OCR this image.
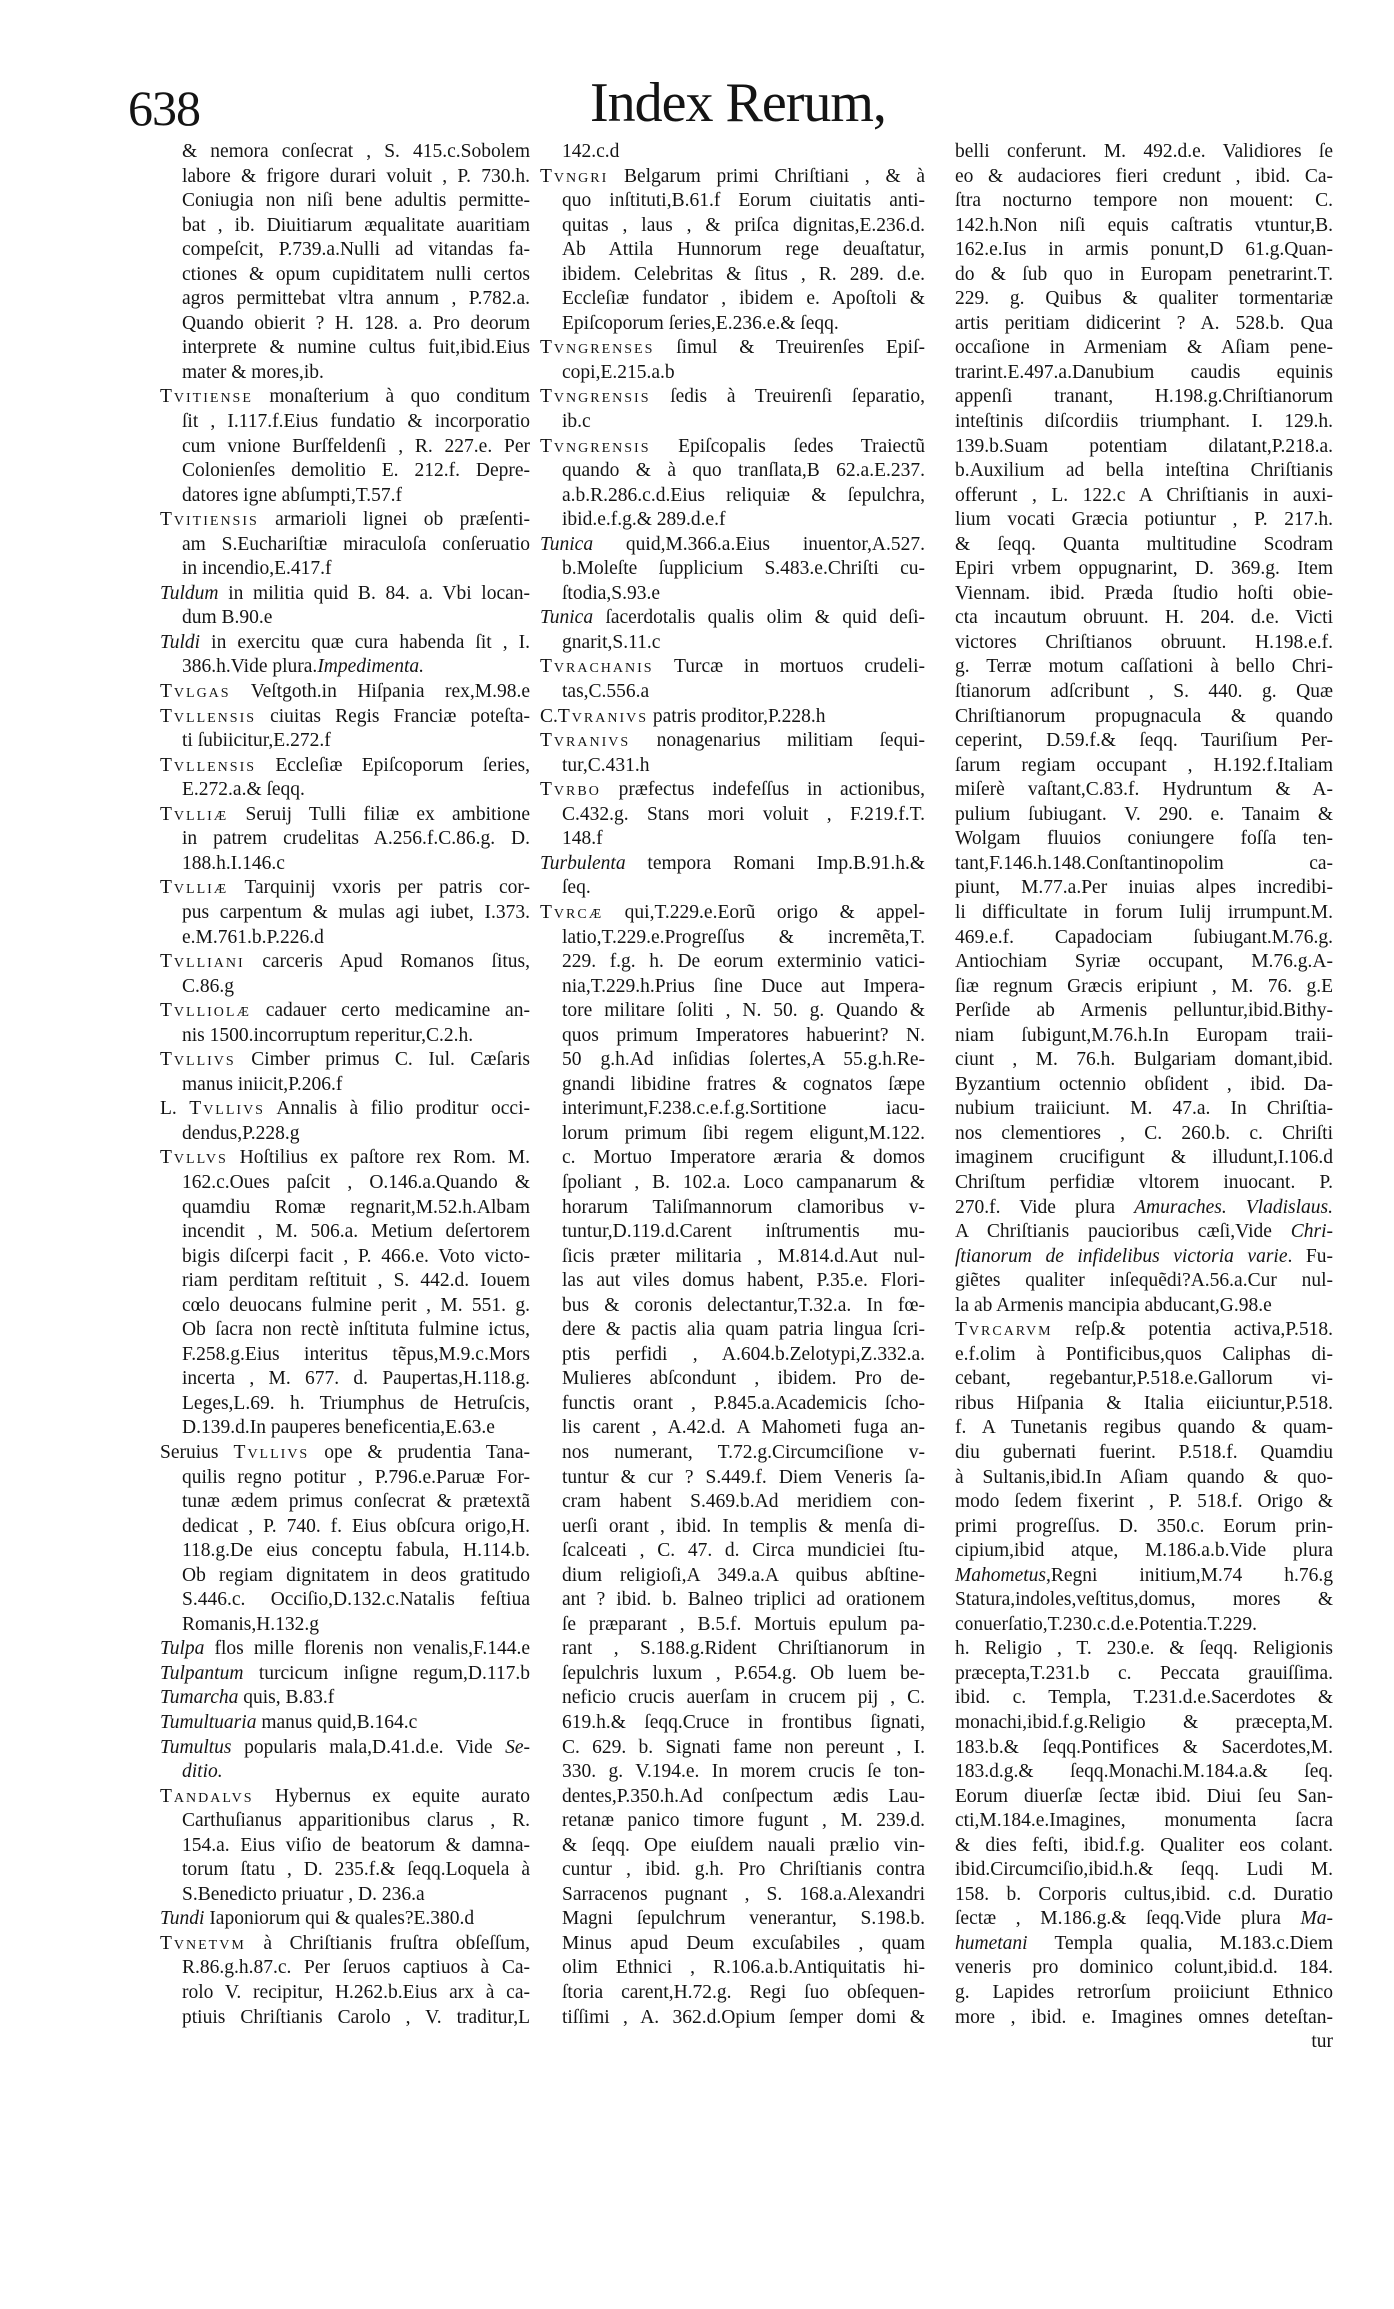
638	Index Rerum,
& nemora conſecrat , S. 415.c.Sobolem
labore & frigore durari voluit , P. 730.h.
Coniugia non niſi bene adultis permitte-
bat , ib. Diuitiarum æqualitate auaritiam
compeſcit, P.739.a.Nulli ad vitandas fa-
ctiones & opum cupiditatem nulli certos
agros permittebat vltra annum , P.782.a.
Quando obierit ? H. 128. a. Pro deorum
interprete & numine cultus fuit,ibid.Eius
mater & mores,ib.
Tvitiense monaſterium à quo conditum
ſit , I.117.f.Eius fundatio & incorporatio
cum vnione Burſfeldenſi , R. 227.e. Per
Colonienſes demolitio E. 212.f. Depre-
datores igne abſumpti,T.57.f
Tvitiensis armarioli lignei ob præſenti-
am S.Euchariſtiæ miraculoſa conſeruatio
in incendio,E.417.f
Tuldum in militia quid B. 84. a. Vbi locan-
dum B.90.e
Tuldi in exercitu quæ cura habenda ſit , I.
386.h.Vide plura.Impedimenta.
Tvlgas Veſtgoth.in Hiſpania rex,M.98.e
Tvllensis ciuitas Regis Franciæ poteſta-
ti ſubiicitur,E.272.f
Tvllensis Eccleſiæ Epiſcoporum ſeries,
E.272.a.& ſeqq.
Tvlliæ Seruij Tulli filiæ ex ambitione
in patrem crudelitas A.256.f.C.86.g. D.
188.h.I.146.c
Tvlliæ Tarquinij vxoris per patris cor-
pus carpentum & mulas agi iubet, I.373.
e.M.761.b.P.226.d
Tvlliani carceris Apud Romanos ſitus,
C.86.g
Tvlliolæ cadauer certo medicamine an-
nis 1500.incorruptum reperitur,C.2.h.
Tvllivs Cimber primus C. Iul. Cæſaris
manus iniicit,P.206.f
L. Tvllivs Annalis à filio proditur occi-
dendus,P.228.g
Tvllvs Hoſtilius ex paſtore rex Rom. M.
162.c.Oues paſcit , O.146.a.Quando &
quamdiu Romæ regnarit,M.52.h.Albam
incendit , M. 506.a. Metium deſertorem
bigis diſcerpi facit , P. 466.e. Voto victo-
riam perditam reſtituit , S. 442.d. Iouem
cœlo deuocans fulmine perit , M. 551. g.
Ob ſacra non rectè inſtituta fulmine ictus,
F.258.g.Eius interitus tẽpus,M.9.c.Mors
incerta , M. 677. d. Paupertas,H.118.g.
Leges,L.69. h. Triumphus de Hetruſcis,
D.139.d.In pauperes beneficentia,E.63.e
Seruius Tvllivs ope & prudentia Tana-
quilis regno potitur , P.796.e.Paruæ For-
tunæ ædem primus conſecrat & prætextã
dedicat , P. 740. f. Eius obſcura origo,H.
118.g.De eius conceptu fabula, H.114.b.
Ob regiam dignitatem in deos gratitudo
S.446.c. Occiſio,D.132.c.Natalis feſtiua
Romanis,H.132.g
Tulpa flos mille florenis non venalis,F.144.e
Tulpantum turcicum inſigne regum,D.117.b
Tumarcha quis, B.83.f
Tumultuaria manus quid,B.164.c
Tumultus popularis mala,D.41.d.e. Vide Se-
ditio.
Tandalvs Hybernus ex equite aurato
Carthuſianus apparitionibus clarus , R.
154.a. Eius viſio de beatorum & damna-
torum ſtatu , D. 235.f.& ſeqq.Loquela à
S.Benedicto priuatur , D. 236.a
Tundi Iaponiorum qui & quales?E.380.d
Tvnetvm à Chriſtianis fruſtra obſeſſum,
R.86.g.h.87.c. Per ſeruos captiuos à Ca-
rolo V. recipitur, H.262.b.Eius arx à ca-
ptiuis Chriſtianis Carolo , V. traditur,L
142.c.d
Tvngri Belgarum primi Chriſtiani , & à
quo inſtituti,B.61.f Eorum ciuitatis anti-
quitas , laus , & priſca dignitas,E.236.d.
Ab Attila Hunnorum rege deuaſtatur,
ibidem. Celebritas & ſitus , R. 289. d.e.
Eccleſiæ fundator , ibidem e. Apoſtoli &
Epiſcoporum ſeries,E.236.e.& ſeqq.
Tvngrenses ſimul & Treuirenſes Epiſ-
copi,E.215.a.b
Tvngrensis ſedis à Treuirenſi ſeparatio,
ib.c
Tvngrensis Epiſcopalis ſedes Traiectũ
quando & à quo tranſlata,B 62.a.E.237.
a.b.R.286.c.d.Eius reliquiæ & ſepulchra,
ibid.e.f.g.& 289.d.e.f
Tunica quid,M.366.a.Eius inuentor,A.527.
b.Moleſte ſupplicium S.483.e.Chriſti cu-
ſtodia,S.93.e
Tunica ſacerdotalis qualis olim & quid deſi-
gnarit,S.11.c
Tvrachanis Turcæ in mortuos crudeli-
tas,C.556.a
C.Tvranivs patris proditor,P.228.h
Tvranivs nonagenarius militiam ſequi-
tur,C.431.h
Tvrbo præfectus indefeſſus in actionibus,
C.432.g. Stans mori voluit , F.219.f.T.
148.f
Turbulenta tempora Romani Imp.B.91.h.&
ſeq.
Tvrcæ qui,T.229.e.Eorũ origo & appel-
latio,T.229.e.Progreſſus & incremẽta,T.
229. f.g. h. De eorum exterminio vatici-
nia,T.229.h.Prius ſine Duce aut Impera-
tore militare ſoliti , N. 50. g. Quando &
quos primum Imperatores habuerint? N.
50 g.h.Ad inſidias ſolertes,A 55.g.h.Re-
gnandi libidine fratres & cognatos ſæpe
interimunt,F.238.c.e.f.g.Sortitione iacu-
lorum primum ſibi regem eligunt,M.122.
c. Mortuo Imperatore æraria & domos
ſpoliant , B. 102.a. Loco campanarum &
horarum Taliſmannorum clamoribus v-
tuntur,D.119.d.Carent inſtrumentis mu-
ſicis præter militaria , M.814.d.Aut nul-
las aut viles domus habent, P.35.e. Flori-
bus & coronis delectantur,T.32.a. In fœ-
dere & pactis alia quam patria lingua ſcri-
ptis perfidi , A.604.b.Zelotypi,Z.332.a.
Mulieres abſcondunt , ibidem. Pro de-
functis orant , P.845.a.Academicis ſcho-
lis carent , A.42.d. A Mahometi fuga an-
nos numerant, T.72.g.Circumciſione v-
tuntur & cur ? S.449.f. Diem Veneris ſa-
cram habent S.469.b.Ad meridiem con-
uerſi orant , ibid. In templis & menſa di-
ſcalceati , C. 47. d. Circa mundiciei ſtu-
dium religioſi,A 349.a.A quibus abſtine-
ant ? ibid. b. Balneo triplici ad orationem
ſe præparant , B.5.f. Mortuis epulum pa-
rant , S.188.g.Rident Chriſtianorum in
ſepulchris luxum , P.654.g. Ob luem be-
neficio crucis auerſam in crucem pij , C.
619.h.& ſeqq.Cruce in frontibus ſignati,
C. 629. b. Signati fame non pereunt , I.
330. g. V.194.e. In morem crucis ſe ton-
dentes,P.350.h.Ad conſpectum ædis Lau-
retanæ panico timore fugunt , M. 239.d.
& ſeqq. Ope eiuſdem nauali prælio vin-
cuntur , ibid. g.h. Pro Chriſtianis contra
Sarracenos pugnant , S. 168.a.Alexandri
Magni ſepulchrum venerantur, S.198.b.
Minus apud Deum excuſabiles , quam
olim Ethnici , R.106.a.b.Antiquitatis hi-
ſtoria carent,H.72.g. Regi ſuo obſequen-
tiſſimi , A. 362.d.Opium ſemper domi &
belli conferunt. M. 492.d.e. Validiores ſe
eo & audaciores fieri credunt , ibid. Ca-
ſtra nocturno tempore non mouent: C.
142.h.Non niſi equis caſtratis vtuntur,B.
162.e.Ius in armis ponunt,D 61.g.Quan-
do & ſub quo in Europam penetrarint.T.
229. g. Quibus & qualiter tormentariæ
artis peritiam didicerint ? A. 528.b. Qua
occaſione in Armeniam & Aſiam pene-
trarint.E.497.a.Danubium caudis equinis
appenſi tranant, H.198.g.Chriſtianorum
inteſtinis diſcordiis triumphant. I. 129.h.
139.b.Suam potentiam dilatant,P.218.a.
b.Auxilium ad bella inteſtina Chriſtianis
offerunt , L. 122.c A Chriſtianis in auxi-
lium vocati Græcia potiuntur , P. 217.h.
& ſeqq. Quanta multitudine Scodram
Epiri vrbem oppugnarint, D. 369.g. Item
Viennam. ibid. Præda ſtudio hoſti obie-
cta incautum obruunt. H. 204. d.e. Victi
victores Chriſtianos obruunt. H.198.e.f.
g. Terræ motum caſſationi à bello Chri-
ſtianorum adſcribunt , S. 440. g. Quæ
Chriſtianorum propugnacula & quando
ceperint, D.59.f.& ſeqq. Tauriſium Per-
ſarum regiam occupant , H.192.f.Italiam
miſerè vaſtant,C.83.f. Hydruntum & A-
pulium ſubiugant. V. 290. e. Tanaim &
Wolgam fluuios coniungere foſſa ten-
tant,F.146.h.148.Conſtantinopolim ca-
piunt, M.77.a.Per inuias alpes incredibi-
li difficultate in forum Iulij irrumpunt.M.
469.e.f. Capadociam ſubiugant.M.76.g.
Antiochiam Syriæ occupant, M.76.g.A-
ſiæ regnum Græcis eripiunt , M. 76. g.E
Perſide ab Armenis pelluntur,ibid.Bithy-
niam ſubigunt,M.76.h.In Europam traii-
ciunt , M. 76.h. Bulgariam domant,ibid.
Byzantium octennio obſident , ibid. Da-
nubium traiiciunt. M. 47.a. In Chriſtia-
nos clementiores , C. 260.b. c. Chriſti
imaginem crucifigunt & illudunt,I.106.d
Chriſtum perfidiæ vltorem inuocant. P.
270.f. Vide plura Amuraches. Vladislaus.
A Chriſtianis paucioribus cæſi,Vide Chri-
ſtianorum de infidelibus victoria varie. Fu-
giẽtes qualiter inſequẽdi?A.56.a.Cur nul-
la ab Armenis mancipia abducant,G.98.e
Tvrcarvm reſp.& potentia activa,P.518.
e.f.olim à Pontificibus,quos Caliphas di-
cebant, regebantur,P.518.e.Gallorum vi-
ribus Hiſpania & Italia eiiciuntur,P.518.
f. A Tunetanis regibus quando & quam-
diu gubernati fuerint. P.518.f. Quamdiu
à Sultanis,ibid.In Aſiam quando & quo-
modo ſedem fixerint , P. 518.f. Origo &
primi progreſſus. D. 350.c. Eorum prin-
cipium,ibid atque, M.186.a.b.Vide plura
Mahometus,Regni initium,M.74 h.76.g
Statura,indoles,veſtitus,domus, mores &
conuerſatio,T.230.c.d.e.Potentia.T.229.
h. Religio , T. 230.e. & ſeqq. Religionis
præcepta,T.231.b c. Peccata grauiſſima.
ibid. c. Templa, T.231.d.e.Sacerdotes &
monachi,ibid.f.g.Religio & præcepta,M.
183.b.& ſeqq.Pontifices & Sacerdotes,M.
183.d.g.& ſeqq.Monachi.M.184.a.& ſeq.
Eorum diuerſæ ſectæ ibid. Diui ſeu San-
cti,M.184.e.Imagines, monumenta ſacra
& dies feſti, ibid.f.g. Qualiter eos colant.
ibid.Circumciſio,ibid.h.& ſeqq. Ludi M.
158. b. Corporis cultus,ibid. c.d. Duratio
ſectæ , M.186.g.& ſeqq.Vide plura Ma-
humetani Templa qualia, M.183.c.Diem
veneris pro dominico colunt,ibid.d. 184.
g. Lapides retrorſum proiiciunt Ethnico
more , ibid. e. Imagines omnes deteſtan-
tur
